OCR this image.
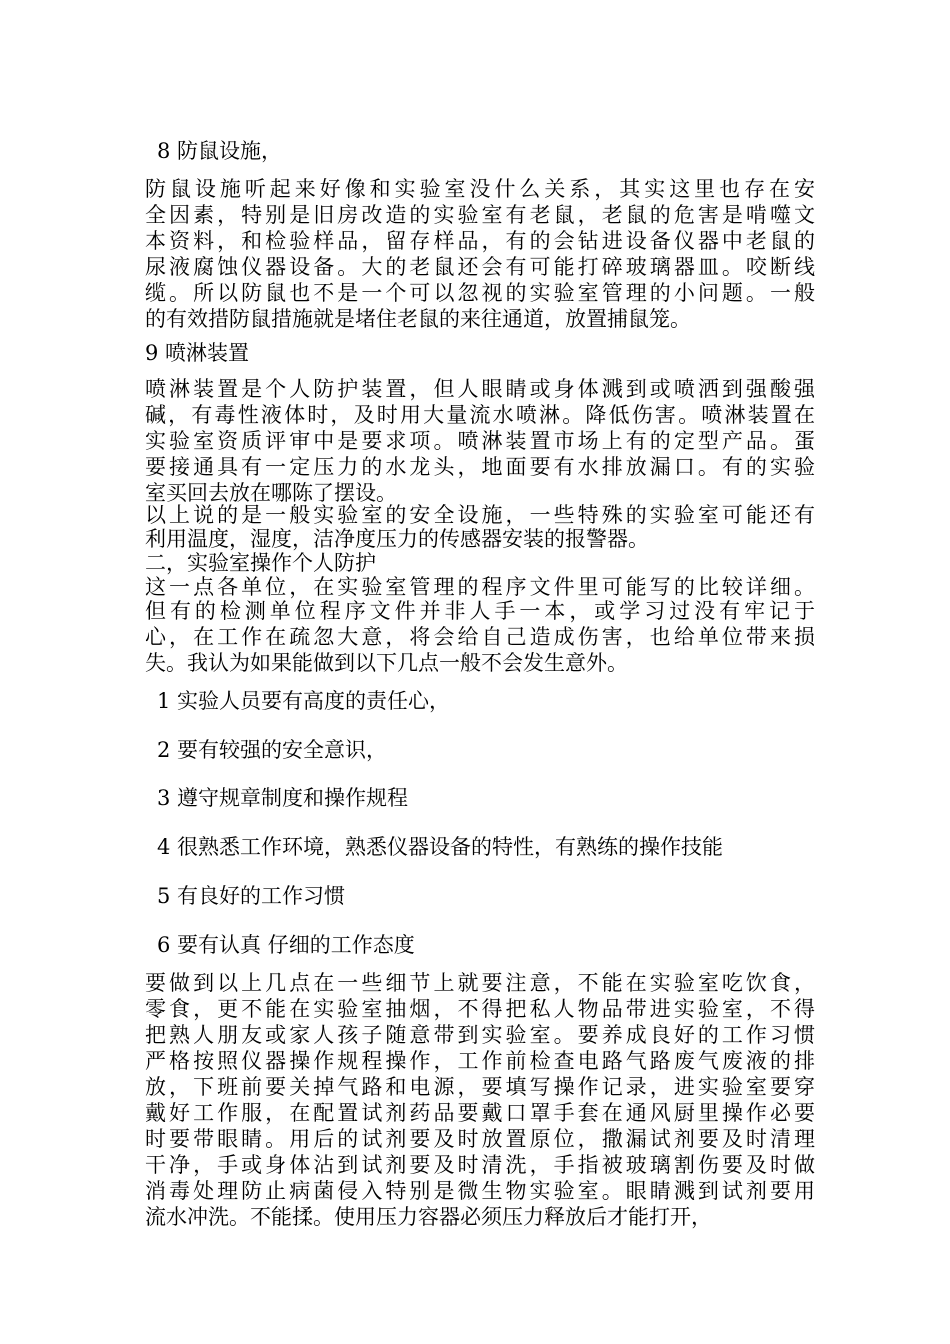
8 防鼠设施，
防鼠设施听起来好像和实验室没什么关系，其实这里也存在安
全因素，特别是旧房改造的实验室有老鼠，老鼠的危害是啃噬文
本资料，和检验样品，留存样品，有的会钻进设备仪器中老鼠的
尿液腐蚀仪器设备。大的老鼠还会有可能打碎玻璃器皿。咬断线
缆。所以防鼠也不是一个可以忽视的实验室管理的小问题。一般
的有效措防鼠措施就是堵住老鼠的来往通道，放置捕鼠笼。
9 喷淋装置
喷淋装置是个人防护装置，但人眼睛或身体溅到或喷洒到强酸强
碱，有毒性液体时，及时用大量流水喷淋。降低伤害。喷淋装置在
实验室资质评审中是要求项。喷淋装置市场上有的定型产品。蛋
要接通具有一定压力的水龙头，地面要有水排放漏口。有的实验
室买回去放在哪陈了摆设。
以上说的是一般实验室的安全设施，一些特殊的实验室可能还有
利用温度，湿度，洁净度压力的传感器安装的报警器。
二，实验室操作个人防护
这一点各单位，在实验室管理的程序文件里可能写的比较详细。
但有的检测单位程序文件并非人手一本，或学习过没有牢记于
心，在工作在疏忽大意，将会给自己造成伤害，也给单位带来损
失。我认为如果能做到以下几点一般不会发生意外。
1 实验人员要有高度的责任心，
2 要有较强的安全意识，
3 遵守规章制度和操作规程
4 很熟悉工作环境，熟悉仪器设备的特性，有熟练的操作技能
5 有良好的工作习惯
6 要有认真 仔细的工作态度
要做到以上几点在一些细节上就要注意，不能在实验室吃饮食，
零食，更不能在实验室抽烟，不得把私人物品带进实验室，不得
把熟人朋友或家人孩子随意带到实验室。要养成良好的工作习惯
严格按照仪器操作规程操作，工作前检查电路气路废气废液的排
放，下班前要关掉气路和电源，要填写操作记录，进实验室要穿
戴好工作服，在配置试剂药品要戴口罩手套在通风厨里操作必要
时要带眼睛。用后的试剂要及时放置原位，撒漏试剂要及时清理
干净，手或身体沾到试剂要及时清洗，手指被玻璃割伤要及时做
消毒处理防止病菌侵入特别是微生物实验室。眼睛溅到试剂要用
流水冲洗。不能揉。使用压力容器必须压力释放后才能打开，
